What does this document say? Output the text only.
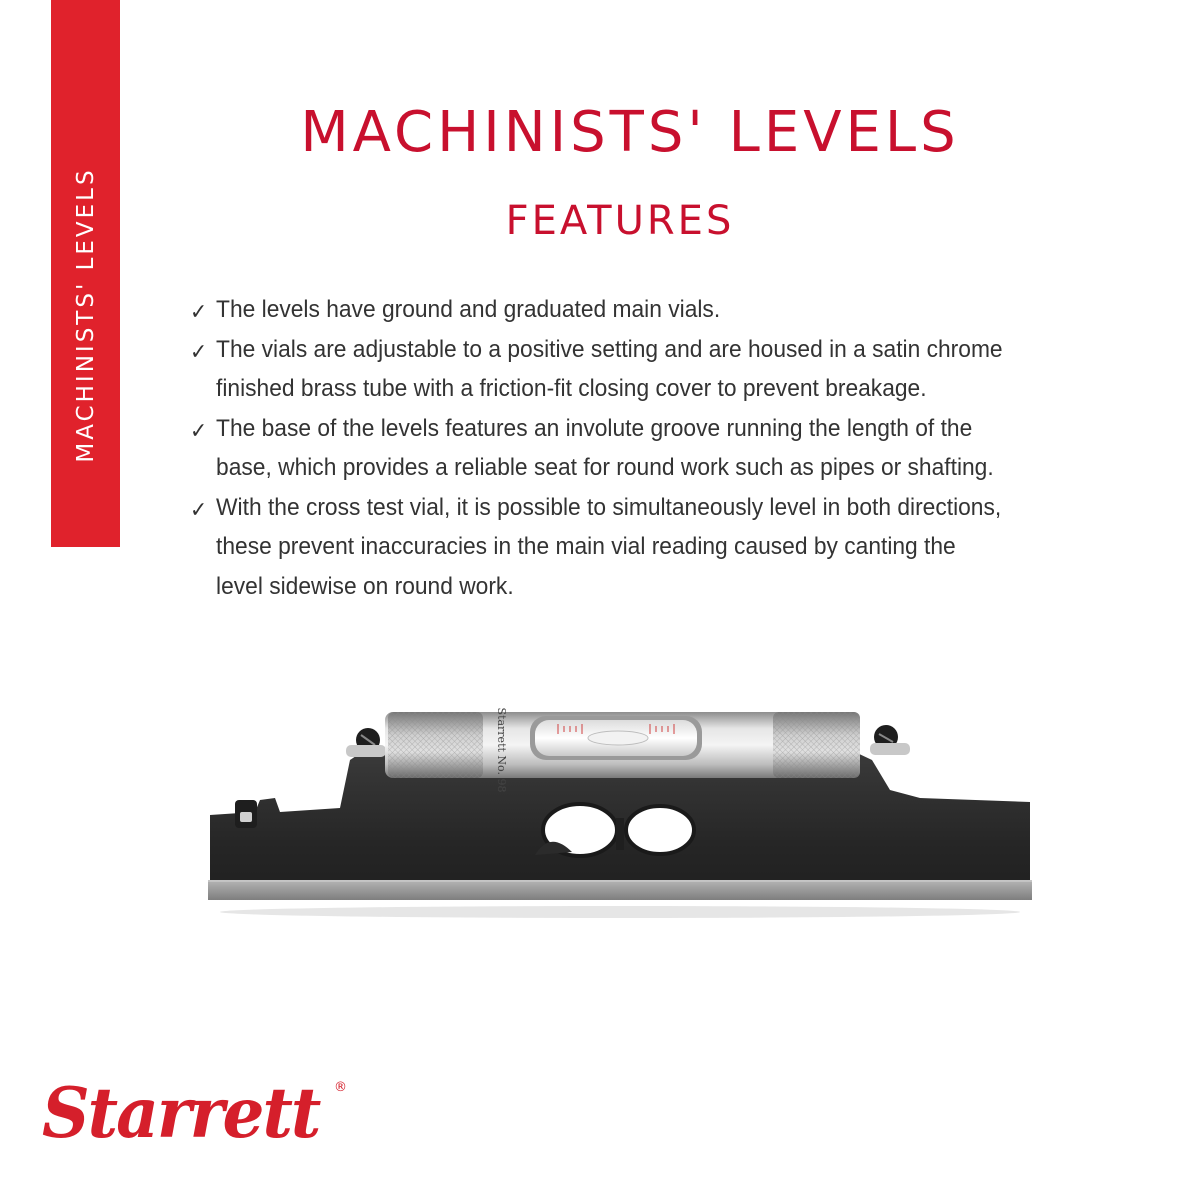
MACHINISTS' LEVELS
MACHINISTS' LEVELS
FEATURES
✓ The levels have ground and graduated main vials.
✓ The vials are adjustable to a positive setting and are housed in a satin chrome finished brass tube with a friction-fit closing cover to prevent breakage.
✓ The base of the levels features an involute groove running the length of the base, which provides a reliable seat for round work such as pipes or shafting.
✓ With the cross test vial, it is possible to simultaneously level in both directions, these prevent inaccuracies in the main vial reading caused by canting the level sidewise on round work.
Starrett No. 98
Starrett ®
